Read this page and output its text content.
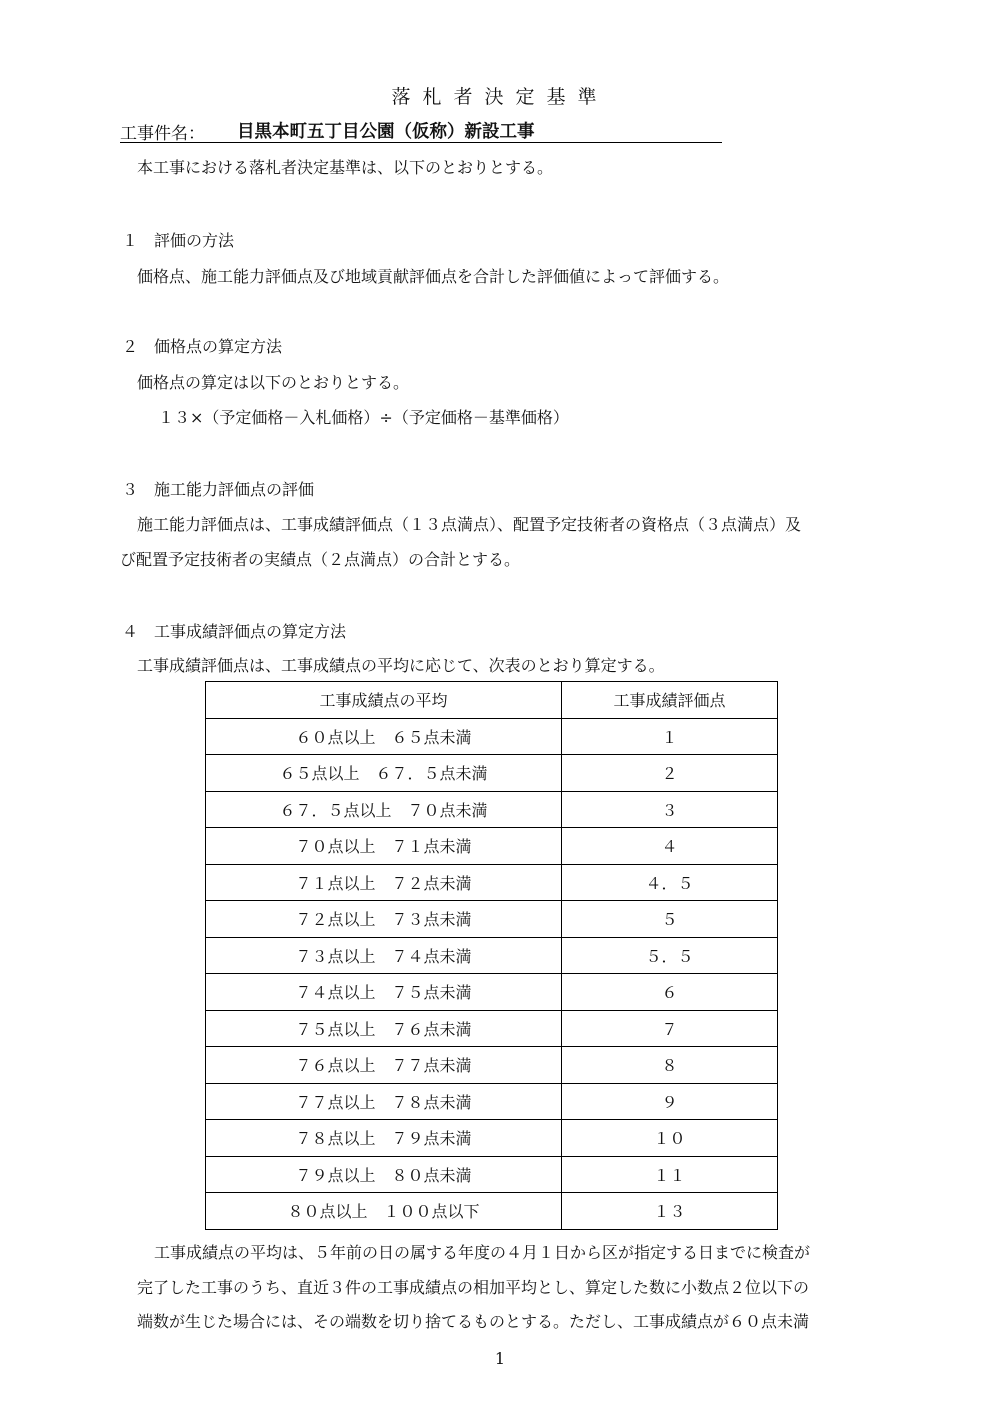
落札者決定基準
工事件名： 目黒本町五丁目公園（仮称）新設工事
本工事における落札者決定基準は、以下のとおりとする。
１　評価の方法
価格点、施工能力評価点及び地域貢献評価点を合計した評価値によって評価する。
２　価格点の算定方法
価格点の算定は以下のとおりとする。
１３×（予定価格－入札価格）÷（予定価格－基準価格）
３　施工能力評価点の評価
施工能力評価点は、工事成績評価点（１３点満点）、配置予定技術者の資格点（３点満点）及
び配置予定技術者の実績点（２点満点）の合計とする。
４　工事成績評価点の算定方法
工事成績評価点は、工事成績点の平均に応じて、次表のとおり算定する。
工事成績点の平均	工事成績評価点
６０点以上　６５点未満	１
６５点以上　６７．５点未満	２
６７．５点以上　７０点未満	３
７０点以上　７１点未満	４
７１点以上　７２点未満	４．５
７２点以上　７３点未満	５
７３点以上　７４点未満	５．５
７４点以上　７５点未満	６
７５点以上　７６点未満	７
７６点以上　７７点未満	８
７７点以上　７８点未満	９
７８点以上　７９点未満	１０
７９点以上　８０点未満	１１
８０点以上　１００点以下	１３
工事成績点の平均は、５年前の日の属する年度の４月１日から区が指定する日までに検査が
完了した工事のうち、直近３件の工事成績点の相加平均とし、算定した数に小数点２位以下の
端数が生じた場合には、その端数を切り捨てるものとする。ただし、工事成績点が６０点未満
1
